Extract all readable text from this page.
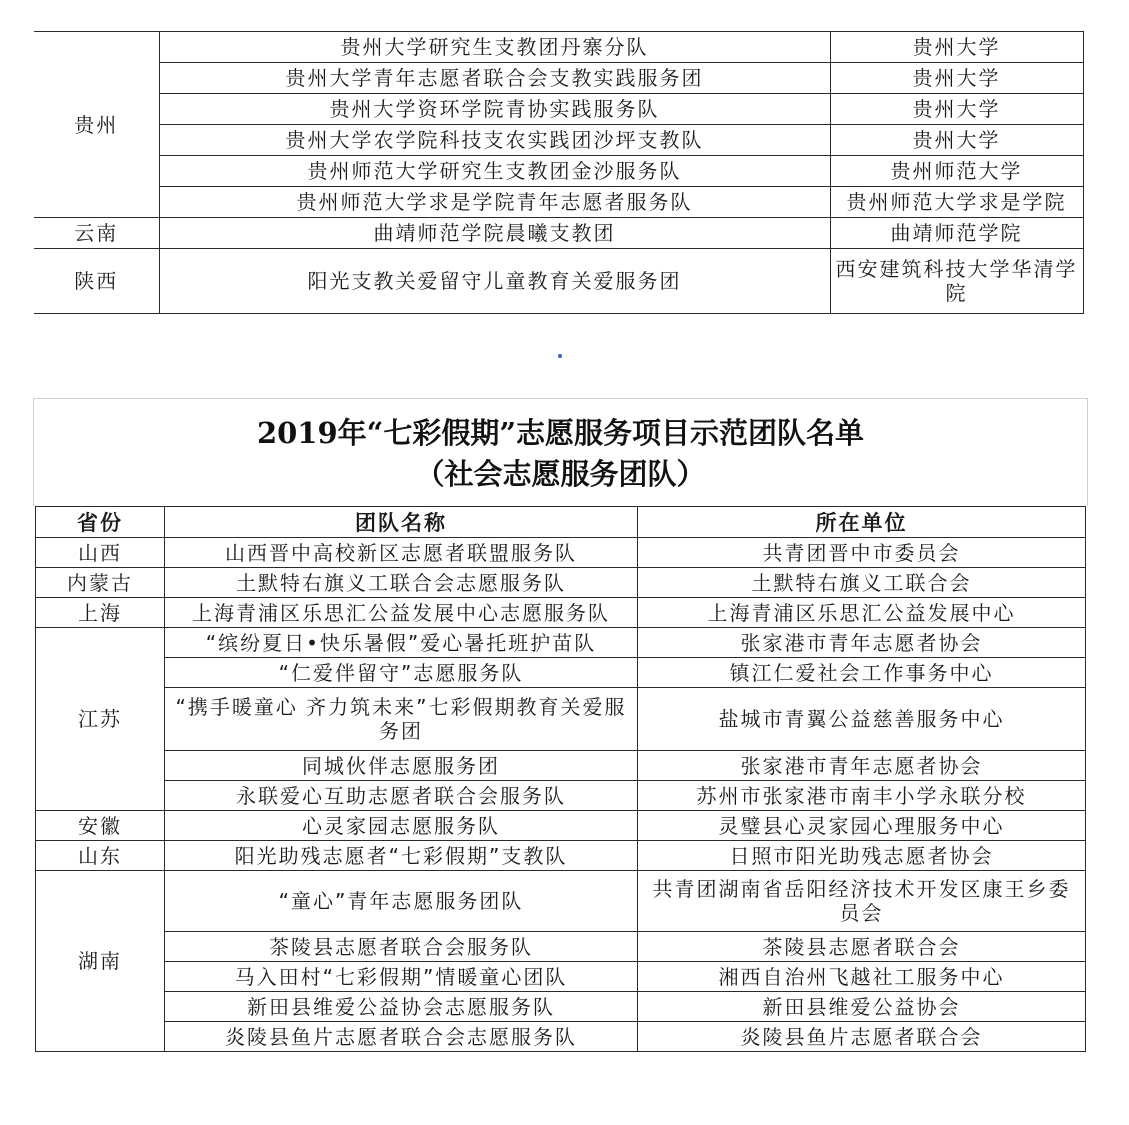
贵州	贵州大学研究生支教团丹寨分队	贵州大学
	贵州大学青年志愿者联合会支教实践服务团	贵州大学
	贵州大学资环学院青协实践服务队	贵州大学
	贵州大学农学院科技支农实践团沙坪支教队	贵州大学
	贵州师范大学研究生支教团金沙服务队	贵州师范大学
	贵州师范大学求是学院青年志愿者服务队	贵州师范大学求是学院
云南	曲靖师范学院晨曦支教团	曲靖师范学院
陕西	阳光支教关爱留守儿童教育关爱服务团	西安建筑科技大学华清学院
2019年“七彩假期”志愿服务项目示范团队名单
（社会志愿服务团队）
省份	团队名称	所在单位
山西	山西晋中高校新区志愿者联盟服务队	共青团晋中市委员会
内蒙古	土默特右旗义工联合会志愿服务队	土默特右旗义工联合会
上海	上海青浦区乐思汇公益发展中心志愿服务队	上海青浦区乐思汇公益发展中心
江苏	“缤纷夏日•快乐暑假”爱心暑托班护苗队	张家港市青年志愿者协会
	“仁爱伴留守”志愿服务队	镇江仁爱社会工作事务中心
	“携手暖童心 齐力筑未来”七彩假期教育关爱服务团	盐城市青翼公益慈善服务中心
	同城伙伴志愿服务团	张家港市青年志愿者协会
	永联爱心互助志愿者联合会服务队	苏州市张家港市南丰小学永联分校
安徽	心灵家园志愿服务队	灵璧县心灵家园心理服务中心
山东	阳光助残志愿者“七彩假期”支教队	日照市阳光助残志愿者协会
湖南	“童心”青年志愿服务团队	共青团湖南省岳阳经济技术开发区康王乡委员会
	茶陵县志愿者联合会服务队	茶陵县志愿者联合会
	马入田村“七彩假期”情暖童心团队	湘西自治州飞越社工服务中心
	新田县维爱公益协会志愿服务队	新田县维爱公益协会
	炎陵县鱼片志愿者联合会志愿服务队	炎陵县鱼片志愿者联合会
